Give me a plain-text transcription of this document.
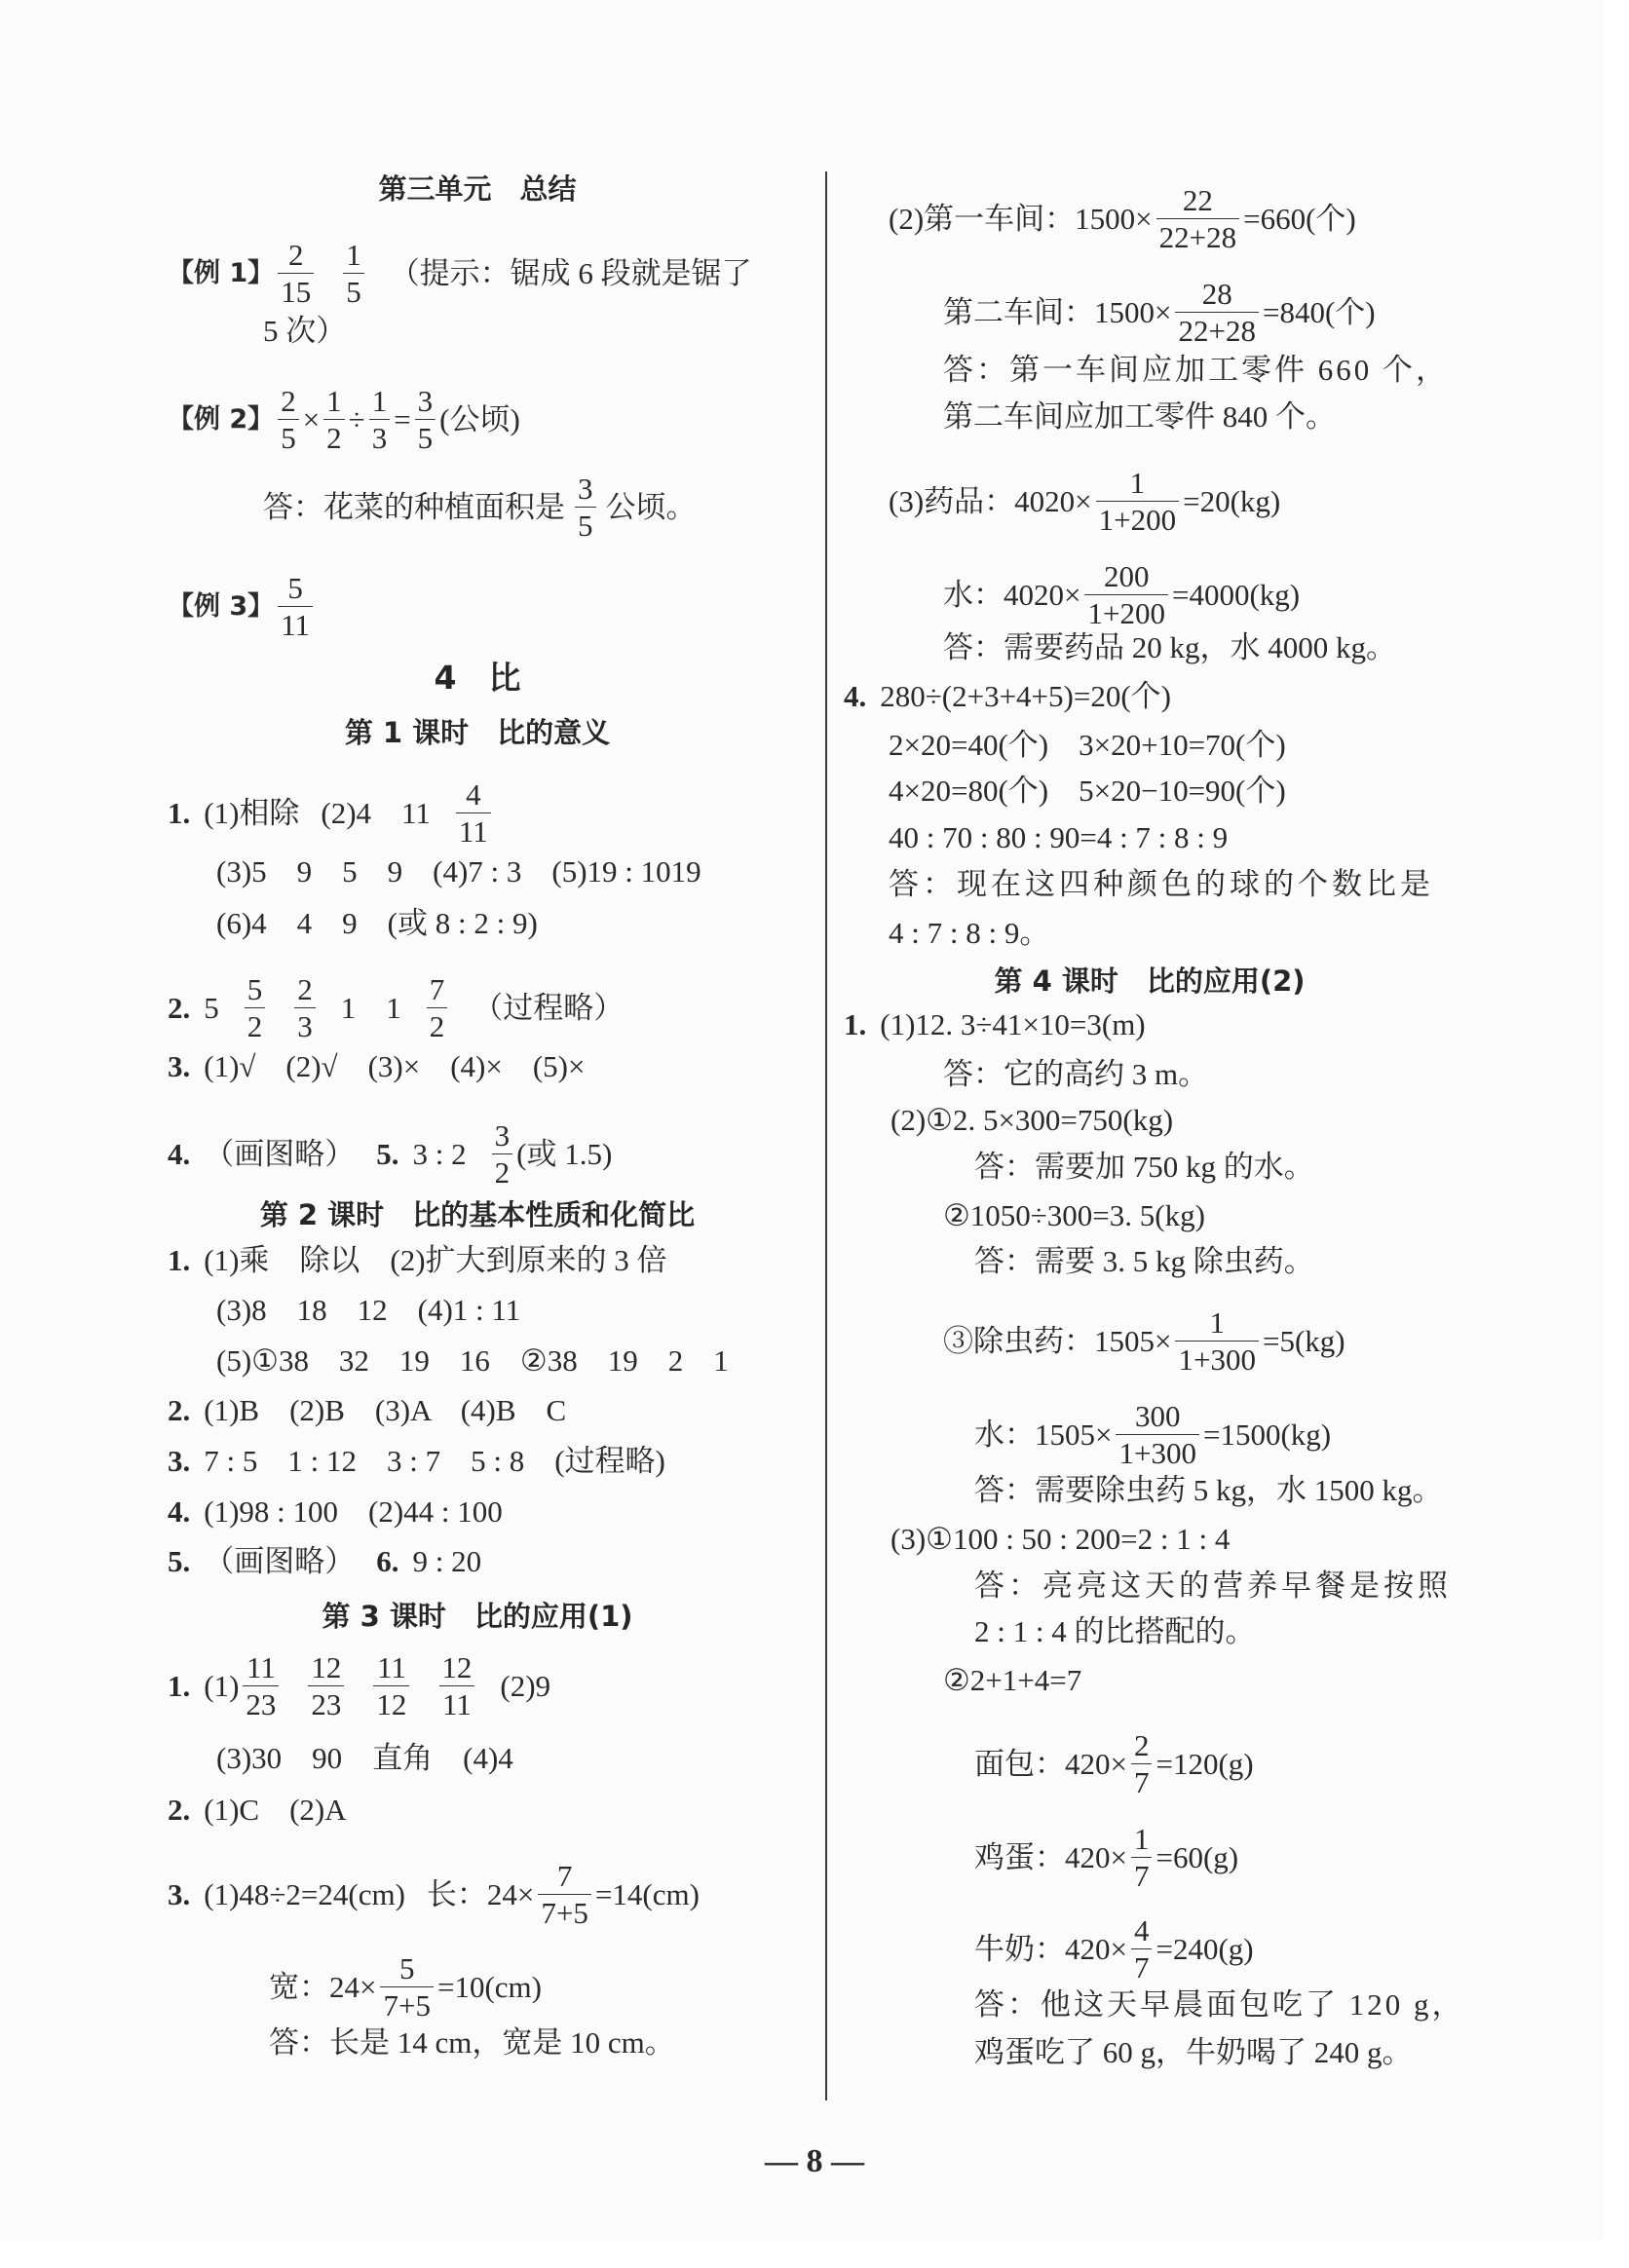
第三单元　总结
【例 1】 $\frac{2}{15} \frac{1}{5}$ （提示：锯成 6 段就是锯了
5 次）
【例 2】 $\frac{2}{5} \times \frac{1}{2} \div \frac{1}{3} = \frac{3}{5}$ (公顷)
答：花菜的种植面积是 $\frac{3}{5}$ 公顷。
【例 3】 $\frac{5}{11}$
4　比
第 1 课时　比的意义
1. (1)相除 (2)4　$11 \frac{4}{11}$
(3)5　9　5　9　(4)7 : 3　(5)19 : 1019
(6)4　4　9　(或 8 : 2 : 9)
2. $5 \frac{5}{2} \frac{2}{3} 1$　$1 \frac{7}{2}$ （过程略）
3. (1)√　(2)√　(3)×　(4)×　(5)×
4. （画图略） 5. 3 : $2 \frac{3}{2}$ (或 1.5)
第 2 课时　比的基本性质和化简比
1. (1)乘　除以　(2)扩大到原来的 3 倍
(3)8　18　12　(4)1 : 11
(5)①38　32　19　16　②38　19　2　1
2. (1)B　(2)B　(3)A　(4)B　C
3. 7 : 5　1 : 12　3 : 7　5 : 8　(过程略)
4. (1)98 : 100　(2)44 : 100
5. （画图略） 6. 9 : 20
第 3 课时　比的应用(1)
1. $(1) \frac{11}{23} \frac{12}{23} \frac{11}{12} \frac{12}{11} (2)9$
(3)30　90　直角　(4)4
2. (1)C　(2)A
3. (1)48÷2=24(cm) 长：$24\times \frac{7}{7+5} =14(cm)$
宽：$24\times \frac{5}{7+5} =10(cm)$
答：长是 14 cm，宽是 10 cm。
(2)第一车间：$1500\times \frac{22}{22+28} =660$(个)
第二车间：$1500\times \frac{28}{22+28} =840$(个)
答：第一车间应加工零件 660 个，
第二车间应加工零件 840 个。
(3)药品：$4020\times \frac{1}{1+200} =20(kg)$
水：$4020\times \frac{200}{1+200} =4000(kg)$
答：需要药品 20 kg，水 4000 kg。
4. 280÷(2+3+4+5)=20(个)
2×20=40(个)　3×20+10=70(个)
4×20=80(个)　5×20−10=90(个)
40 : 70 : 80 : 90=4 : 7 : 8 : 9
答：现在这四种颜色的球的个数比是
4 : 7 : 8 : 9。
第 4 课时　比的应用(2)
1. (1)12. 3÷41×10=3(m)
答：它的高约 3 m。
(2)①2. 5×300=750(kg)
答：需要加 750 kg 的水。
②1050÷300=3. 5(kg)
答：需要 3. 5 kg 除虫药。
③除虫药：$1505\times \frac{1}{1+300} =5(kg)$
水：$1505\times \frac{300}{1+300} =1500(kg)$
答：需要除虫药 5 kg，水 1500 kg。
(3)①100 : 50 : 200=2 : 1 : 4
答：亮亮这天的营养早餐是按照
2 : 1 : 4 的比搭配的。
②2+1+4=7
面包：$420\times \frac{2}{7} =120(g)$
鸡蛋：$420\times \frac{1}{7} =60(g)$
牛奶：$420\times \frac{4}{7} =240(g)$
答：他这天早晨面包吃了 120 g，
鸡蛋吃了 60 g，牛奶喝了 240 g。
— 8 —
